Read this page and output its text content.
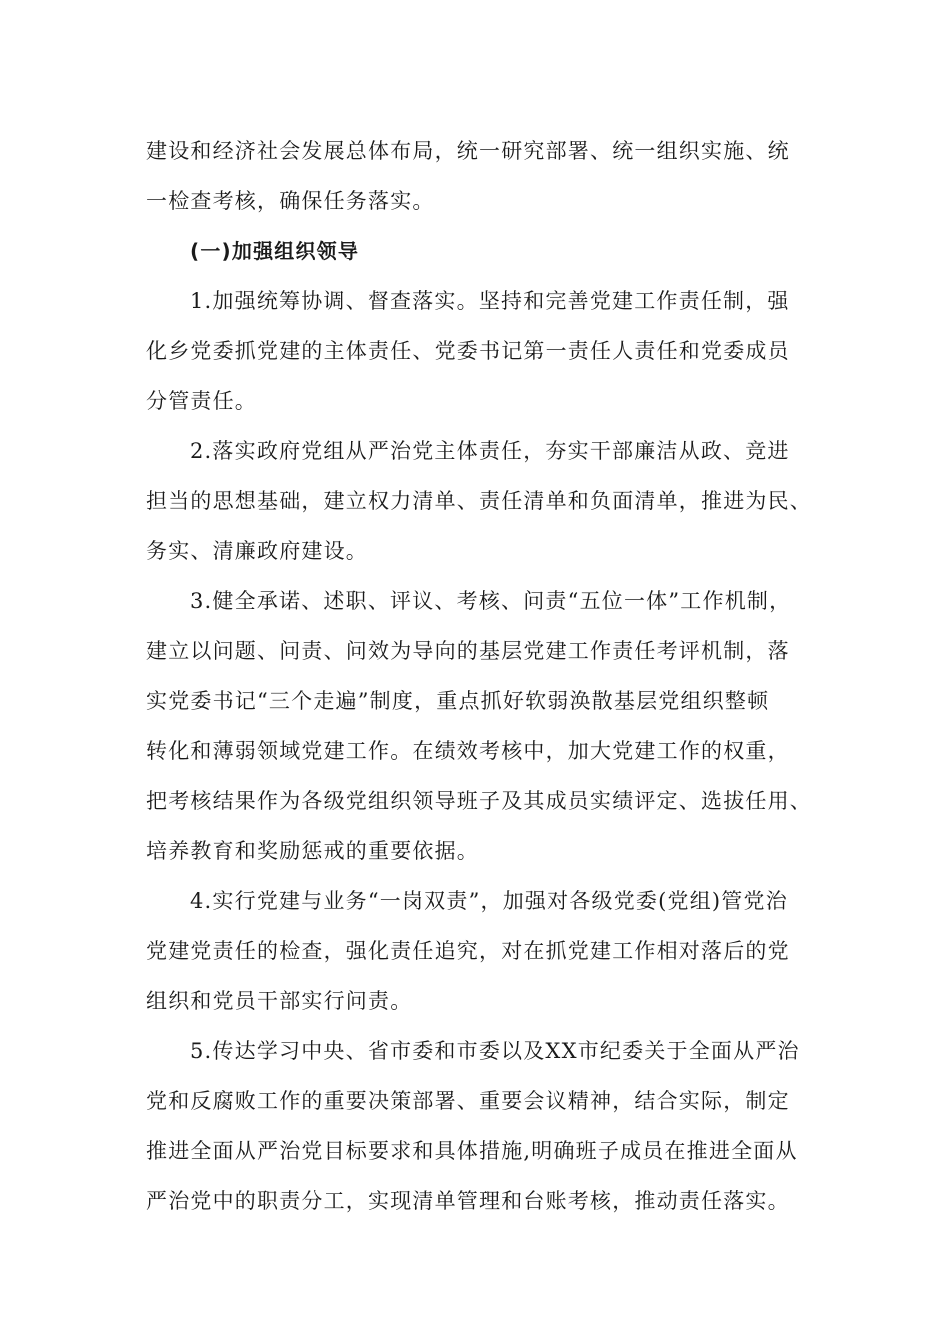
建设和经济社会发展总体布局，统一研究部署、统一组织实施、统
一检查考核，确保任务落实。
(一)加强组织领导
1.加强统筹协调、督查落实。坚持和完善党建工作责任制，强
化乡党委抓党建的主体责任、党委书记第一责任人责任和党委成员
分管责任。
2.落实政府党组从严治党主体责任，夯实干部廉洁从政、竞进
担当的思想基础，建立权力清单、责任清单和负面清单，推进为民、
务实、清廉政府建设。
3.健全承诺、述职、评议、考核、问责“五位一体”工作机制，
建立以问题、问责、问效为导向的基层党建工作责任考评机制，落
实党委书记“三个走遍”制度，重点抓好软弱涣散基层党组织整顿
转化和薄弱领域党建工作。在绩效考核中，加大党建工作的权重，
把考核结果作为各级党组织领导班子及其成员实绩评定、选拔任用、
培养教育和奖励惩戒的重要依据。
4.实行党建与业务“一岗双责”，加强对各级党委(党组)管党治
党建党责任的检查，强化责任追究，对在抓党建工作相对落后的党
组织和党员干部实行问责。
5.传达学习中央、省市委和市委以及XX市纪委关于全面从严治
党和反腐败工作的重要决策部署、重要会议精神，结合实际，制定
推进全面从严治党目标要求和具体措施,明确班子成员在推进全面从
严治党中的职责分工，实现清单管理和台账考核，推动责任落实。
